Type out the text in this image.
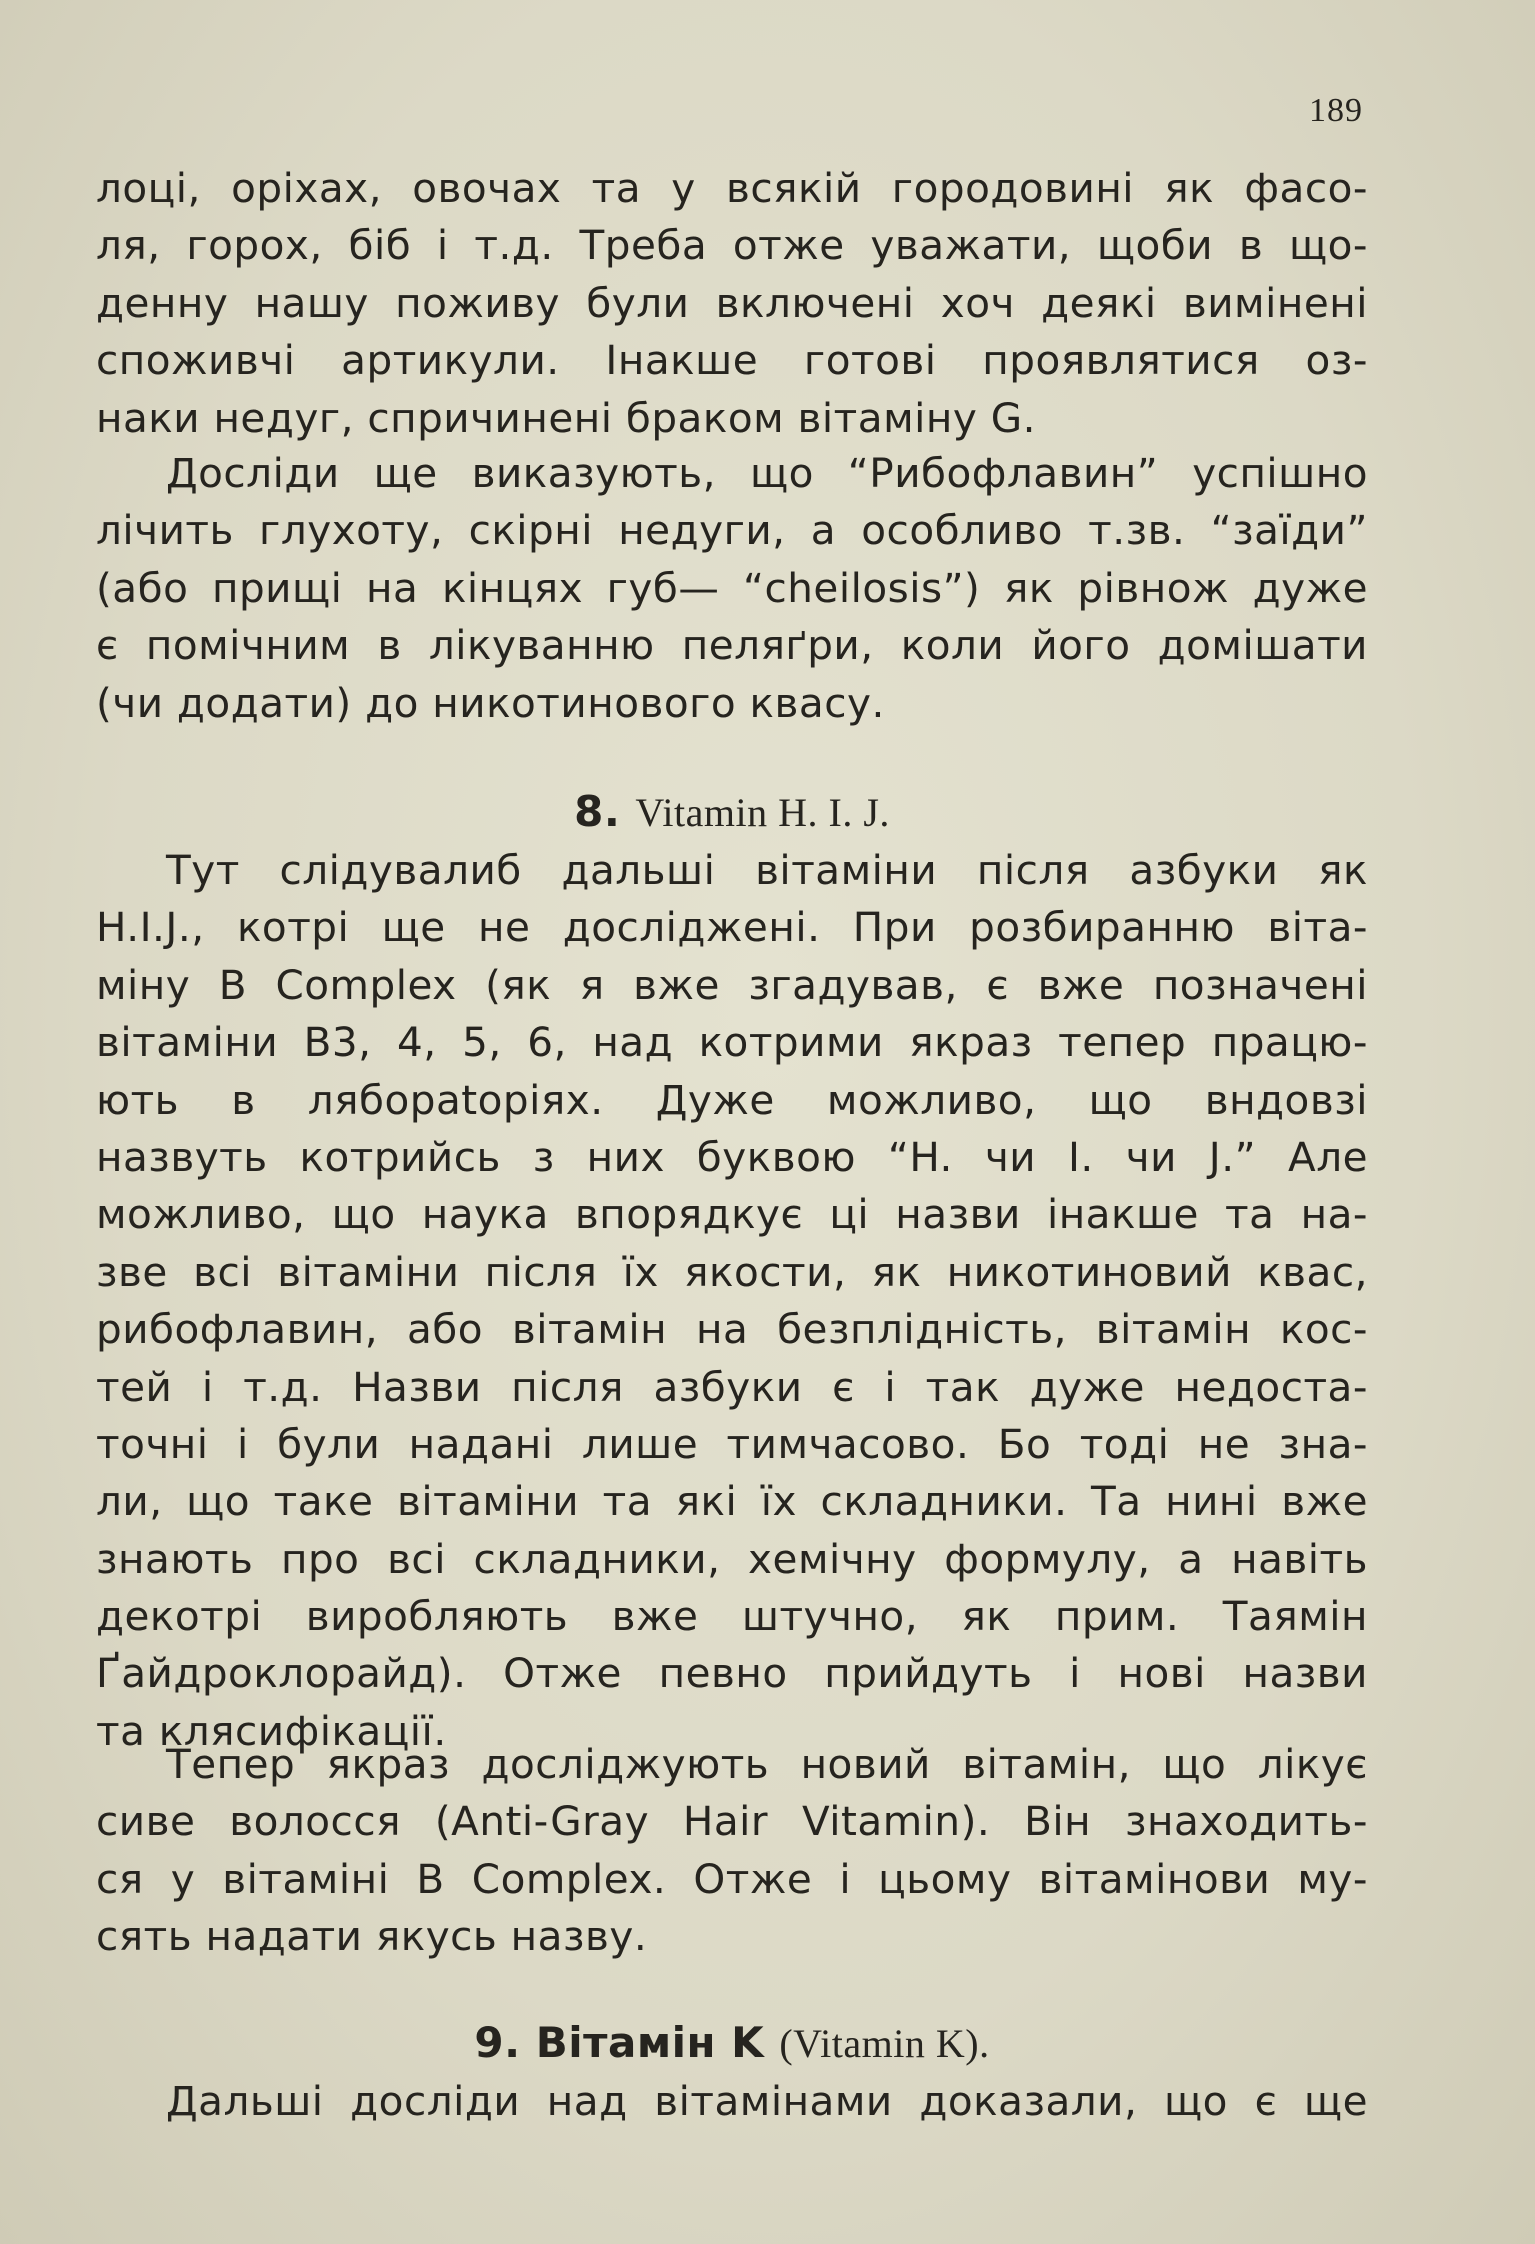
189
лоці, оріхах, овочах та у всякій городовині як фасо-
ля, горох, біб і т.д. Треба отже уважати, щоби в що-
денну нашу поживу були включені хоч деякі вимінені
споживчі артикули. Інакше готові проявлятися оз-
наки недуг, спричинені браком вітаміну G.
Досліди ще виказують, що “Рибофлавин” успішно
лічить глухоту, скірні недуги, а особливо т.зв. “заїди”
(або прищі на кінцях губ— “cheilosis”) як рівнож дуже
є помічним в лікуванню пеляґри, коли його домішати
(чи додати) до никотинового квасу.
8. Vitamin H. I. J.
Тут слідувалиб дальші вітаміни після азбуки як
H.I.J., котрі ще не досліджені. При розбиранню віта-
міну B Complex (як я вже згадував, є вже позначені
вітаміни B3, 4, 5, 6, над котрими якраз тепер працю-
ють в ляборatoріях. Дуже можливо, що вндовзі
назвуть котрийсь з них буквою “H. чи I. чи J.” Але
можливо, що наука впорядкує ці назви інакше та на-
зве всі вітаміни після їх якости, як никотиновий квас,
рибофлавин, або вітамін на безплідність, вітамін кос-
тей і т.д. Назви після азбуки є і так дуже недоста-
точні і були надані лише тимчасово. Бо тоді не зна-
ли, що таке вітаміни та які їх складники. Та нині вже
знають про всі складники, хемічну формулу, а навіть
декотрі виробляють вже штучно, як прим. Таямін
Ґайдроклорайд). Отже певно прийдуть і нові назви
та клясифікації.
Тепер якраз досліджують новий вітамін, що лікує
сиве волосся (Anti-Gray Hair Vitamin). Він знаходить-
ся у вітаміні B Complex. Отже і цьому вітамінови му-
сять надати якусь назву.
9. Вітамін K (Vitamin K).
Дальші досліди над вітамінами доказали, що є ще
